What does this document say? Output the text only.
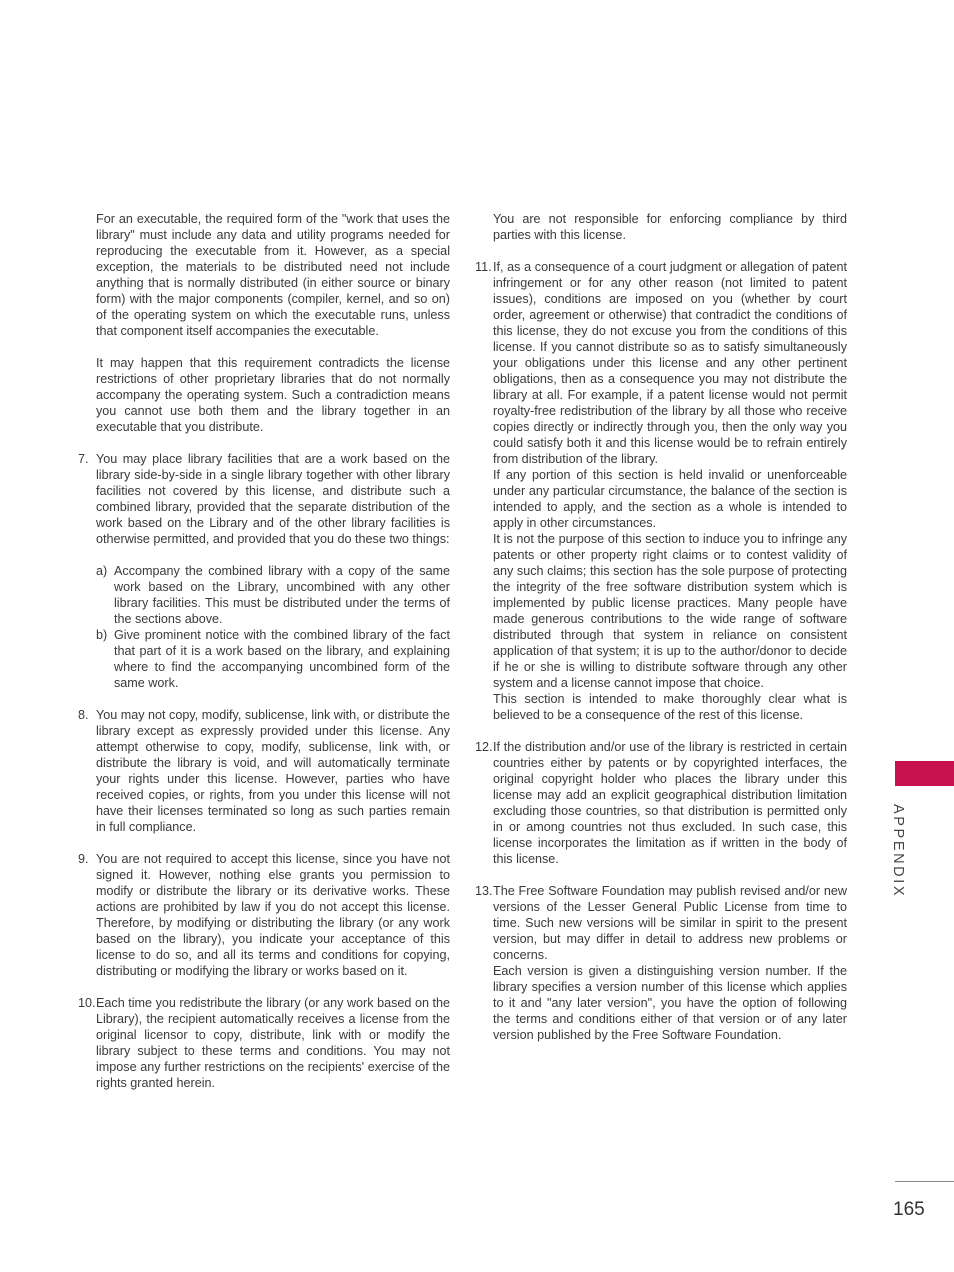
For an executable, the required form of the "work that uses the library" must include any data and utility programs needed for reproducing the executable from it. However, as a special exception, the materials to be distributed need not include anything that is normally distributed (in either source or binary form) with the major components (compiler, kernel, and so on) of the operating system on which the executable runs, unless that component itself accompanies the executable.

It may happen that this requirement contradicts the license restrictions of other proprietary libraries that do not normally accompany the operating system. Such a contradiction means you cannot use both them and the library together in an executable that you distribute.

7. You may place library facilities that are a work based on the library side-by-side in a single library together with other library facilities not covered by this license, and distribute such a combined library, provided that the separate distribution of the work based on the Library and of the other library facilities is otherwise permitted, and provided that you do these two things:

a) Accompany the combined library with a copy of the same work based on the Library, uncombined with any other library facilities. This must be distributed under the terms of the sections above.

b) Give prominent notice with the combined library of the fact that part of it is a work based on the library, and explaining where to find the accompanying uncombined form of the same work.

8. You may not copy, modify, sublicense, link with, or distribute the library except as expressly provided under this license. Any attempt otherwise to copy, modify, sublicense, link with, or distribute the library is void, and will automatically terminate your rights under this license. However, parties who have received copies, or rights, from you under this license will not have their licenses terminated so long as such parties remain in full compliance.

9. You are not required to accept this license, since you have not signed it. However, nothing else grants you permission to modify or distribute the library or its derivative works. These actions are prohibited by law if you do not accept this license. Therefore, by modifying or distributing the library (or any work based on the library), you indicate your acceptance of this license to do so, and all its terms and conditions for copying, distributing or modifying the library or works based on it.

10. Each time you redistribute the library (or any work based on the Library), the recipient automatically receives a license from the original licensor to copy, distribute, link with or modify the library subject to these terms and conditions. You may not impose any further restrictions on the recipients' exercise of the rights granted herein.

You are not responsible for enforcing compliance by third parties with this license.

11. If, as a consequence of a court judgment or allegation of patent infringement or for any other reason (not limited to patent issues), conditions are imposed on you (whether by court order, agreement or otherwise) that contradict the conditions of this license, they do not excuse you from the conditions of this license. If you cannot distribute so as to satisfy simultaneously your obligations under this license and any other pertinent obligations, then as a consequence you may not distribute the library at all. For example, if a patent license would not permit royalty-free redistribution of the library by all those who receive copies directly or indirectly through you, then the only way you could satisfy both it and this license would be to refrain entirely from distribution of the library.

If any portion of this section is held invalid or unenforceable under any particular circumstance, the balance of the section is intended to apply, and the section as a whole is intended to apply in other circumstances.

It is not the purpose of this section to induce you to infringe any patents or other property right claims or to contest validity of any such claims; this section has the sole purpose of protecting the integrity of the free software distribution system which is implemented by public license practices. Many people have made generous contributions to the wide range of software distributed through that system in reliance on consistent application of that system; it is up to the author/donor to decide if he or she is willing to distribute software through any other system and a license cannot impose that choice.

This section is intended to make thoroughly clear what is believed to be a consequence of the rest of this license.

12. If the distribution and/or use of the library is restricted in certain countries either by patents or by copyrighted interfaces, the original copyright holder who places the library under this license may add an explicit geographical distribution limitation excluding those countries, so that distribution is permitted only in or among countries not thus excluded. In such case, this license incorporates the limitation as if written in the body of this license.

13. The Free Software Foundation may publish revised and/or new versions of the Lesser General Public License from time to time. Such new versions will be similar in spirit to the present version, but may differ in detail to address new problems or concerns.

Each version is given a distinguishing version number. If the library specifies a version number of this license which applies to it and "any later version", you have the option of following the terms and conditions either of that version or of any later version published by the Free Software Foundation.

APPENDIX
165
